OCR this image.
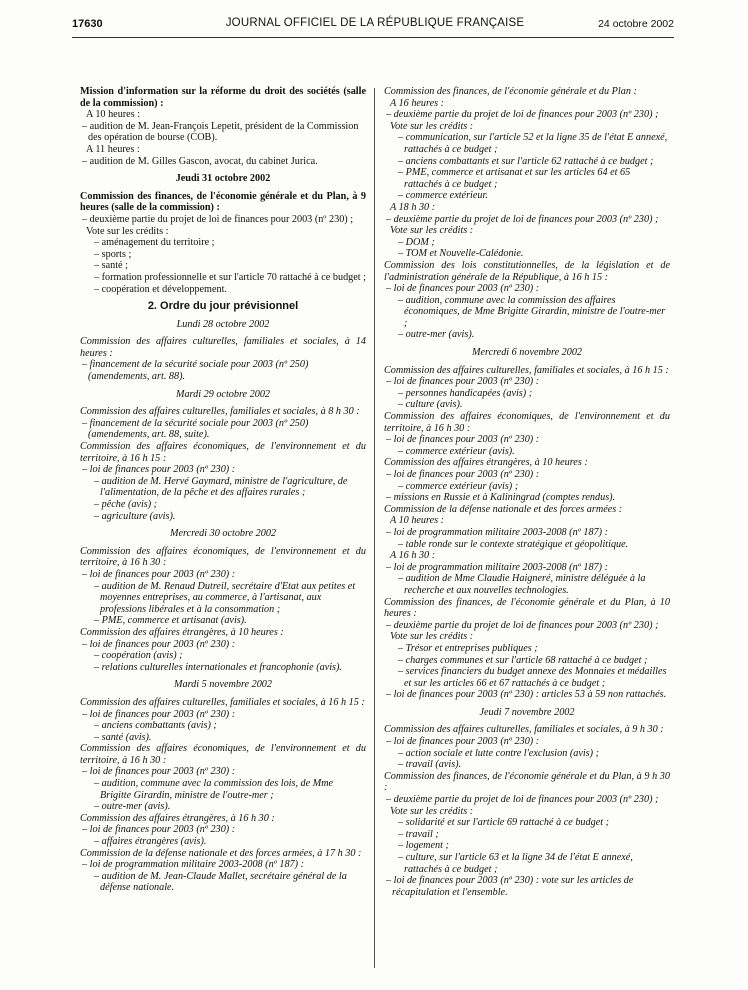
17630	JOURNAL OFFICIEL DE LA RÉPUBLIQUE FRANÇAISE	24 octobre 2002

Mission d'information sur la réforme du droit des sociétés (salle de la commission) :

A 10 heures :

– audition de M. Jean-François Lepetit, président de la Commission des opération de bourse (COB).

A 11 heures :

– audition de M. Gilles Gascon, avocat, du cabinet Jurica.

Jeudi 31 octobre 2002

Commission des finances, de l'économie générale et du Plan, à 9 heures (salle de la commission) :

– deuxième partie du projet de loi de finances pour 2003 (nº 230) ;

Vote sur les crédits :

– aménagement du territoire ;

– sports ;

– santé ;

– formation professionnelle et sur l'article 70 rattaché à ce budget ;

– coopération et développement.

2. Ordre du jour prévisionnel

Lundi 28 octobre 2002

Commission des affaires culturelles, familiales et sociales, à 14 heures :

– financement de la sécurité sociale pour 2003 (nº 250) (amendements, art. 88).

Mardi 29 octobre 2002

Commission des affaires culturelles, familiales et sociales, à 8 h 30 :

– financement de la sécurité sociale pour 2003 (nº 250) (amendements, art. 88, suite).

Commission des affaires économiques, de l'environnement et du territoire, à 16 h 15 :

– loi de finances pour 2003 (nº 230) :

– audition de M. Hervé Gaymard, ministre de l'agriculture, de l'alimentation, de la pêche et des affaires rurales ;

– pêche (avis) ;

– agriculture (avis).

Mercredi 30 octobre 2002

Commission des affaires économiques, de l'environnement et du territoire, à 16 h 30 :

– loi de finances pour 2003 (nº 230) :

– audition de M. Renaud Dutreil, secrétaire d'Etat aux petites et moyennes entreprises, au commerce, à l'artisanat, aux professions libérales et à la consommation ;

– PME, commerce et artisanat (avis).

Commission des affaires étrangères, à 10 heures :

– loi de finances pour 2003 (nº 230) :

– coopération (avis) ;

– relations culturelles internationales et francophonie (avis).

Mardi 5 novembre 2002

Commission des affaires culturelles, familiales et sociales, à 16 h 15 :

– loi de finances pour 2003 (nº 230) :

– anciens combattants (avis) ;

– santé (avis).

Commission des affaires économiques, de l'environnement et du territoire, à 16 h 30 :

– loi de finances pour 2003 (nº 230) :

– audition, commune avec la commission des lois, de Mme Brigitte Girardin, ministre de l'outre-mer ;

– outre-mer (avis).

Commission des affaires étrangères, à 16 h 30 :

– loi de finances pour 2003 (nº 230) :

– affaires étrangères (avis).

Commission de la défense nationale et des forces armées, à 17 h 30 :

– loi de programmation militaire 2003-2008 (nº 187) :

– audition de M. Jean-Claude Mallet, secrétaire général de la défense nationale.

Commission des finances, de l'économie générale et du Plan :

A 16 heures :

– deuxième partie du projet de loi de finances pour 2003 (nº 230) ;

Vote sur les crédits :

– communication, sur l'article 52 et la ligne 35 de l'état E annexé, rattachés à ce budget ;

– anciens combattants et sur l'article 62 rattaché à ce budget ;

– PME, commerce et artisanat et sur les articles 64 et 65 rattachés à ce budget ;

– commerce extérieur.

A 18 h 30 :

– deuxième partie du projet de loi de finances pour 2003 (nº 230) ;

Vote sur les crédits :

– DOM ;

– TOM et Nouvelle-Calédonie.

Commission des lois constitutionnelles, de la législation et de l'administration générale de la République, à 16 h 15 :

– loi de finances pour 2003 (nº 230) :

– audition, commune avec la commission des affaires économiques, de Mme Brigitte Girardin, ministre de l'outre-mer ;

– outre-mer (avis).

Mercredi 6 novembre 2002

Commission des affaires culturelles, familiales et sociales, à 16 h 15 :

– loi de finances pour 2003 (nº 230) :

– personnes handicapées (avis) ;

– culture (avis).

Commission des affaires économiques, de l'environnement et du territoire, à 16 h 30 :

– loi de finances pour 2003 (nº 230) :

– commerce extérieur (avis).

Commission des affaires étrangères, à 10 heures :

– loi de finances pour 2003 (nº 230) :

– commerce extérieur (avis) ;

– missions en Russie et à Kaliningrad (comptes rendus).

Commission de la défense nationale et des forces armées :

A 10 heures :

– loi de programmation militaire 2003-2008 (nº 187) :

– table ronde sur le contexte stratégique et géopolitique.

A 16 h 30 :

– loi de programmation militaire 2003-2008 (nº 187) :

– audition de Mme Claudie Haigneré, ministre déléguée à la recherche et aux nouvelles technologies.

Commission des finances, de l'économie générale et du Plan, à 10 heures :

– deuxième partie du projet de loi de finances pour 2003 (nº 230) ;

Vote sur les crédits :

– Trésor et entreprises publiques ;

– charges communes et sur l'article 68 rattaché à ce budget ;

– services financiers du budget annexe des Monnaies et médailles et sur les articles 66 et 67 rattachés à ce budget ;

– loi de finances pour 2003 (nº 230) : articles 53 à 59 non rattachés.

Jeudi 7 novembre 2002

Commission des affaires culturelles, familiales et sociales, à 9 h 30 :

– loi de finances pour 2003 (nº 230) :

– action sociale et lutte contre l'exclusion (avis) ;

– travail (avis).

Commission des finances, de l'économie générale et du Plan, à 9 h 30 :

– deuxième partie du projet de loi de finances pour 2003 (nº 230) ;

Vote sur les crédits :

– solidarité et sur l'article 69 rattaché à ce budget ;

– travail ;

– logement ;

– culture, sur l'article 63 et la ligne 34 de l'état E annexé, rattachés à ce budget ;

– loi de finances pour 2003 (nº 230) : vote sur les articles de récapitulation et l'ensemble.
